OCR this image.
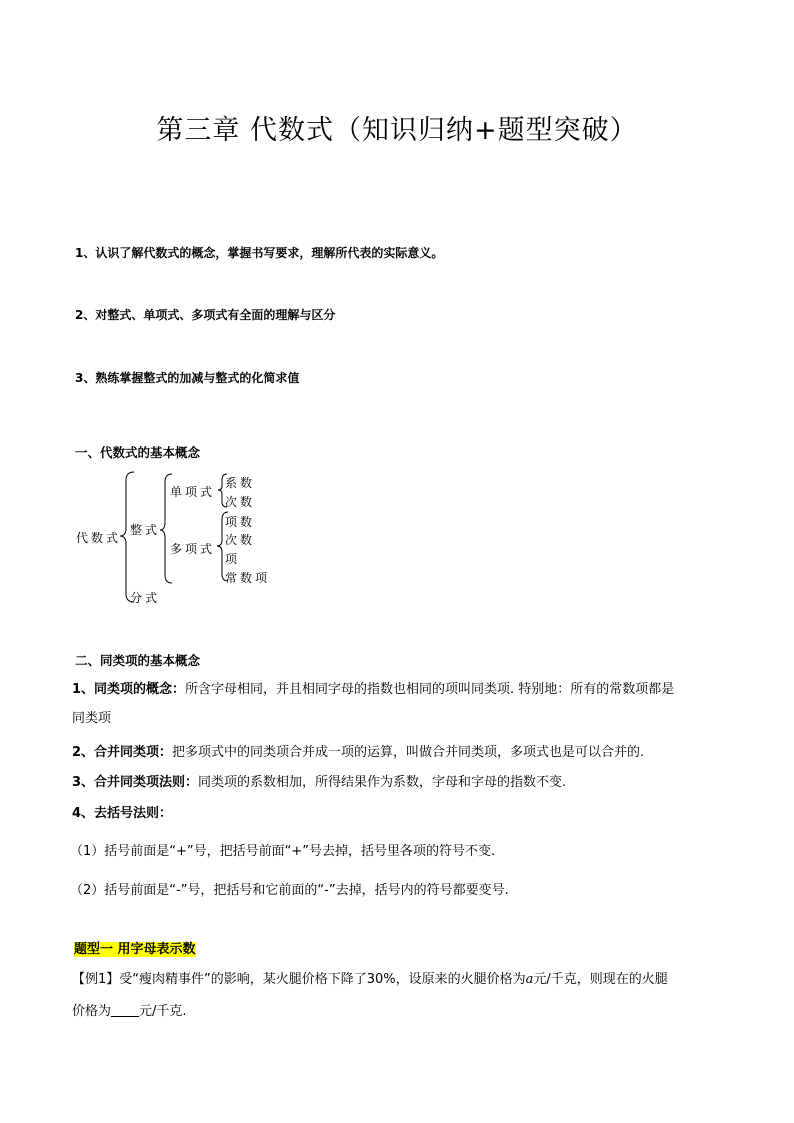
第三章 代数式（知识归纳+题型突破）
1、认识了解代数式的概念，掌握书写要求，理解所代表的实际意义。
2、对整式、单项式、多项式有全面的理解与区分
3、熟练掌握整式的加减与整式的化简求值
一、代数式的基本概念
代数式
整式
分式
单项式
多项式
系数
次数
项数
次数
项
常数项
二、同类项的基本概念
1、同类项的概念：所含字母相同，并且相同字母的指数也相同的项叫同类项. 特别地：所有的常数项都是
同类项
2、合并同类项：把多项式中的同类项合并成一项的运算，叫做合并同类项，多项式也是可以合并的.
3、合并同类项法则：同类项的系数相加，所得结果作为系数，字母和字母的指数不变.
4、去括号法则：
（1）括号前面是“+”号，把括号前面“+”号去掉，括号里各项的符号不变.
（2）括号前面是“-”号，把括号和它前面的“-”去掉，括号内的符号都要变号.
题型一 用字母表示数
【例1】受“瘦肉精事件”的影响，某火腿价格下降了30%，设原来的火腿价格为a元/千克，则现在的火腿
价格为 元/千克.
